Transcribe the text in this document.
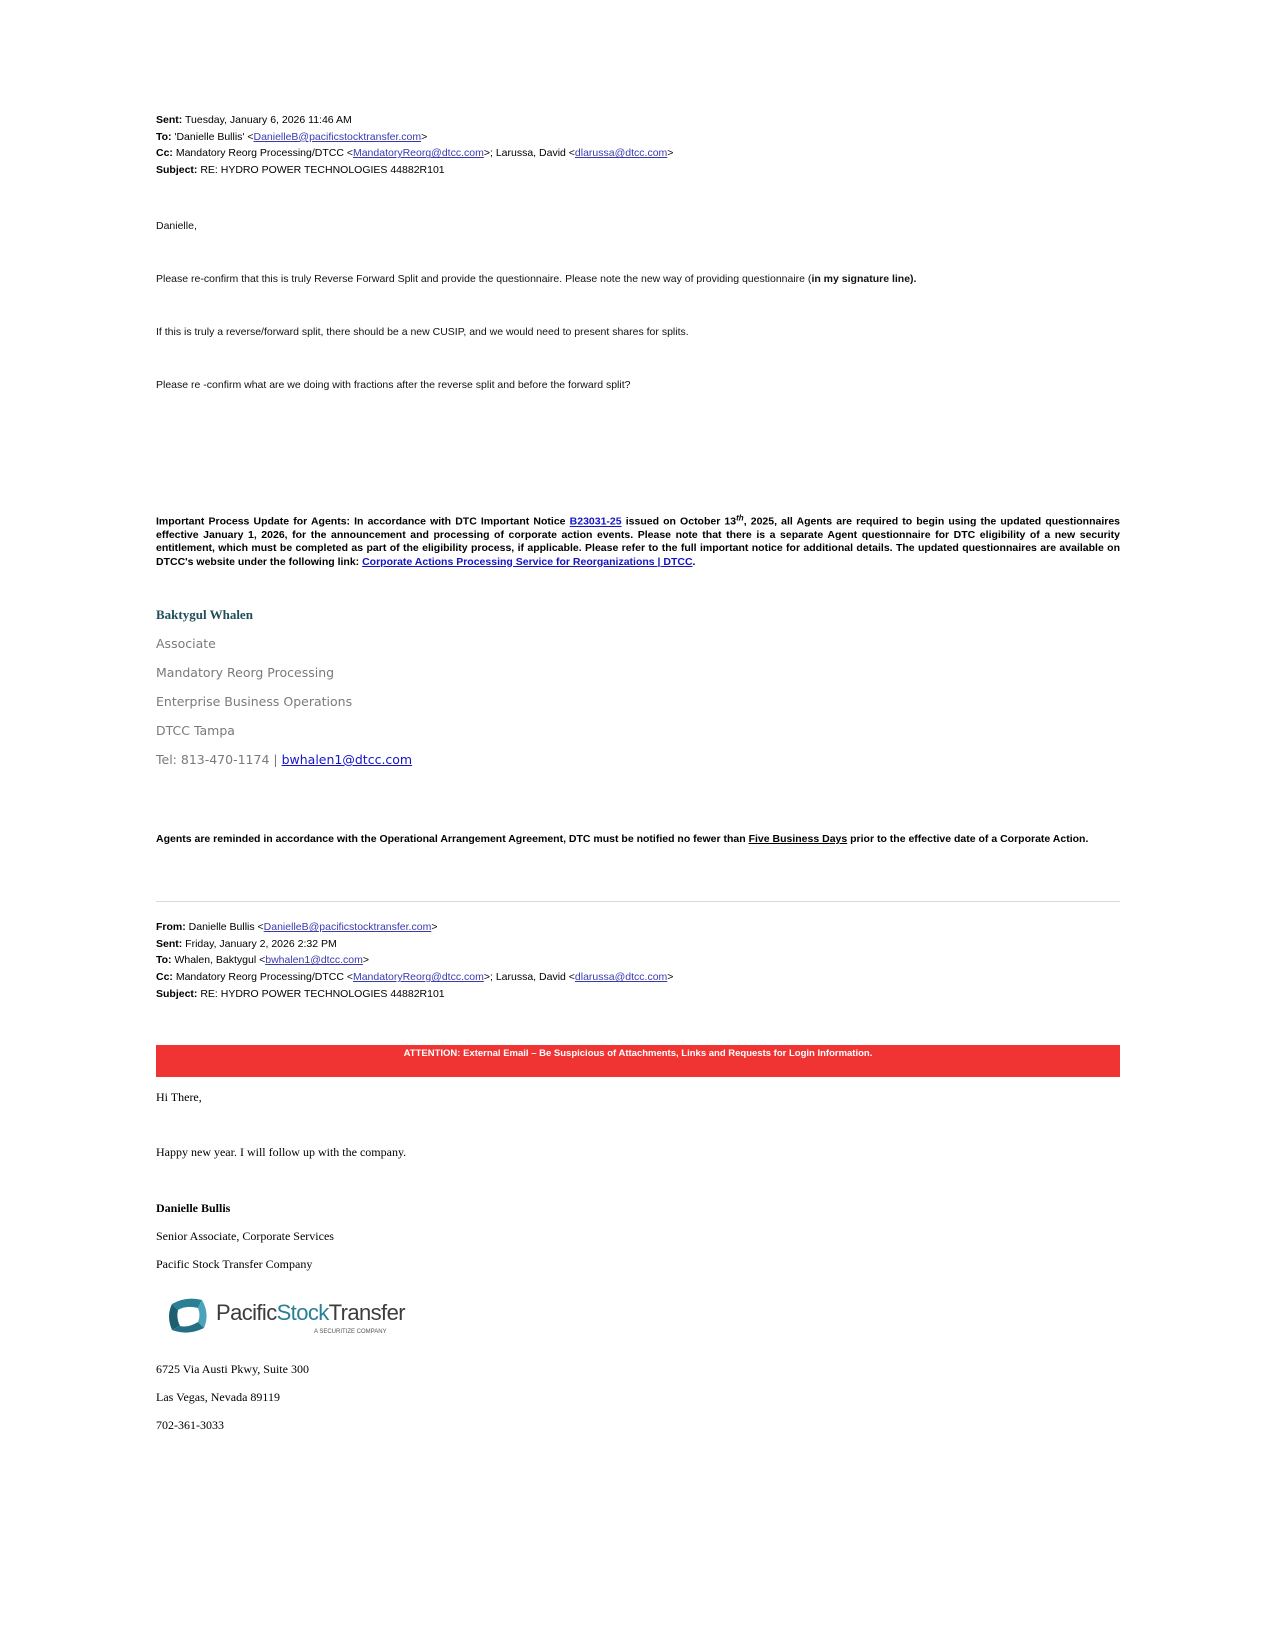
Sent: Tuesday, January 6, 2026 11:46 AM
To: 'Danielle Bullis' <DanielleB@pacificstocktransfer.com>
Cc: Mandatory Reorg Processing/DTCC <MandatoryReorg@dtcc.com>; Larussa, David <dlarussa@dtcc.com>
Subject: RE: HYDRO POWER TECHNOLOGIES 44882R101
Danielle,
Please re-confirm that this is truly Reverse Forward Split and provide the questionnaire. Please note the new way of providing questionnaire (in my signature line).
If this is truly a reverse/forward split, there should be a new CUSIP, and we would need to present shares for splits.
Please re -confirm what are we doing with fractions after the reverse split and before the forward split?
Important Process Update for Agents: In accordance with DTC Important Notice B23031-25 issued on October 13th, 2025, all Agents are required to begin using the updated questionnaires effective January 1, 2026, for the announcement and processing of corporate action events. Please note that there is a separate Agent questionnaire for DTC eligibility of a new security entitlement, which must be completed as part of the eligibility process, if applicable. Please refer to the full important notice for additional details. The updated questionnaires are available on DTCC's website under the following link: Corporate Actions Processing Service for Reorganizations | DTCC.
Baktygul Whalen
Associate
Mandatory Reorg Processing
Enterprise Business Operations
DTCC Tampa
Tel: 813-470-1174 | bwhalen1@dtcc.com
Agents are reminded in accordance with the Operational Arrangement Agreement, DTC must be notified no fewer than Five Business Days prior to the effective date of a Corporate Action.
From: Danielle Bullis <DanielleB@pacificstocktransfer.com>
Sent: Friday, January 2, 2026 2:32 PM
To: Whalen, Baktygul <bwhalen1@dtcc.com>
Cc: Mandatory Reorg Processing/DTCC <MandatoryReorg@dtcc.com>; Larussa, David <dlarussa@dtcc.com>
Subject: RE: HYDRO POWER TECHNOLOGIES 44882R101
ATTENTION: External Email – Be Suspicious of Attachments, Links and Requests for Login Information.
Hi There,
Happy new year. I will follow up with the company.
Danielle Bullis
Senior Associate, Corporate Services
Pacific Stock Transfer Company
PacificStockTransfer
A SECURITIZE COMPANY
6725 Via Austi Pkwy, Suite 300
Las Vegas, Nevada 89119
702-361-3033
